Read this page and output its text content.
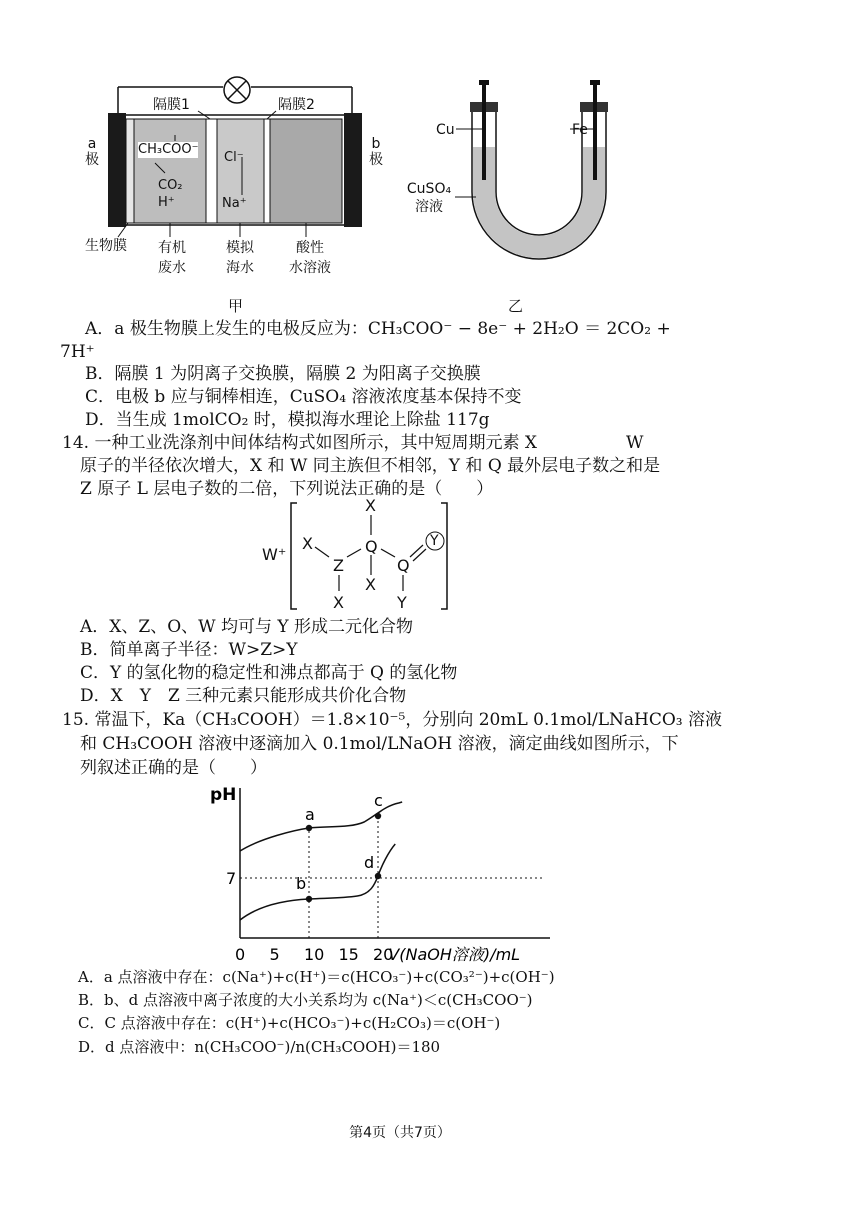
隔膜1	隔膜2
a
极
b
极
CH₃COO⁻
CO₂
H⁺
Cl⁻
Na⁺
生物膜	有机
废水
模拟
海水
酸性
水溶液
甲
Cu	Fe
CuSO₄
溶液
乙
A．a 极生物膜上发生的电极反应为：CH₃COO⁻ − 8e⁻ + 2H₂O ＝ 2CO₂ +
7H⁺
B．隔膜 1 为阴离子交换膜，隔膜 2 为阳离子交换膜
C．电极 b 应与铜棒相连，CuSO₄ 溶液浓度基本保持不变
D．当生成 1molCO₂ 时，模拟海水理论上除盐 117g
14. 一种工业洗涤剂中间体结构式如图所示，其中短周期元素 X	W
原子的半径依次增大，X 和 W 同主族但不相邻，Y 和 Q 最外层电子数之和是
Z 原子 L 层电子数的二倍，下列说法正确的是（　　）
W⁺
X
Z
X
Q
X
X
Q
Y
Y
A．X、Z、O、W 均可与 Y 形成二元化合物
B．简单离子半径：W>Z>Y
C．Y 的氢化物的稳定性和沸点都高于 Q 的氢化物
D．X　Y　Z 三种元素只能形成共价化合物
15. 常温下，Ka（CH₃COOH）＝1.8×10⁻⁵，分别向 20mL 0.1mol/LNaHCO₃ 溶液
和 CH₃COOH 溶液中逐滴加入 0.1mol/LNaOH 溶液，滴定曲线如图所示，下
列叙述正确的是（　　）
pH
0 5 10 15 20
V(NaOH溶液)/mL
7
a
b
c
d
A．a 点溶液中存在：c(Na⁺)+c(H⁺)＝c(HCO₃⁻)+c(CO₃²⁻)+c(OH⁻)
B．b、d 点溶液中离子浓度的大小关系均为 c(Na⁺)＜c(CH₃COO⁻)
C．C 点溶液中存在：c(H⁺)+c(HCO₃⁻)+c(H₂CO₃)＝c(OH⁻)
D．d 点溶液中：n(CH₃COO⁻)/n(CH₃COOH)＝180
第4页（共7页）
